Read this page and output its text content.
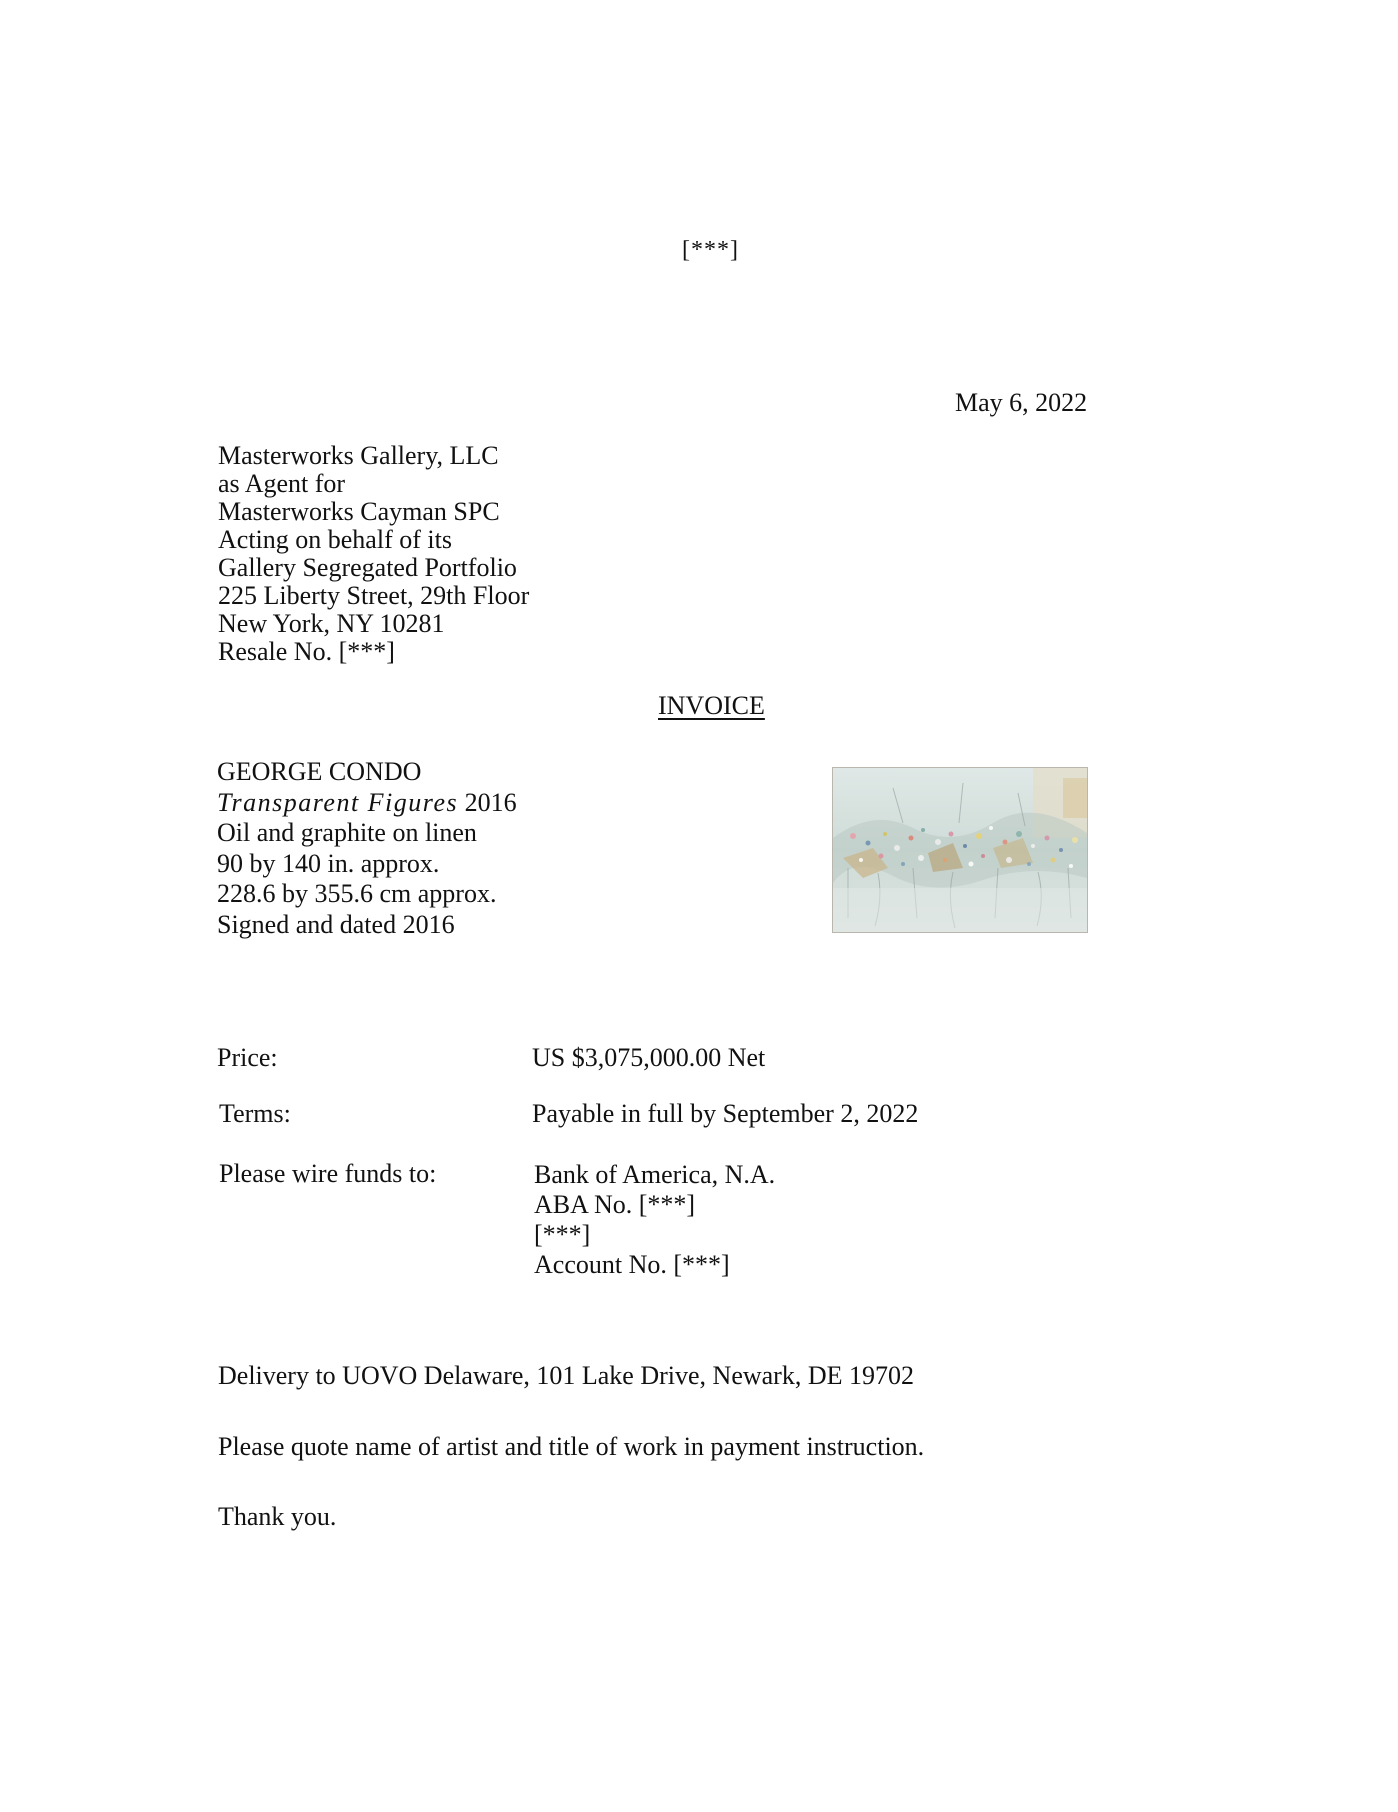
[***]
May 6, 2022
Masterworks Gallery, LLC
as Agent for
Masterworks Cayman SPC
Acting on behalf of its
Gallery Segregated Portfolio
225 Liberty Street, 29th Floor
New York, NY 10281
Resale No. [***]
INVOICE
GEORGE CONDO
Transparent Figures 2016
Oil and graphite on linen
90 by 140 in. approx.
228.6 by 355.6 cm approx.
Signed and dated 2016
Price:	US $3,075,000.00 Net
Terms:	Payable in full by September 2, 2022
Please wire funds to:	Bank of America, N.A.
ABA No. [***]
[***]
Account No. [***]
Delivery to UOVO Delaware, 101 Lake Drive, Newark, DE 19702
Please quote name of artist and title of work in payment instruction.
Thank you.
